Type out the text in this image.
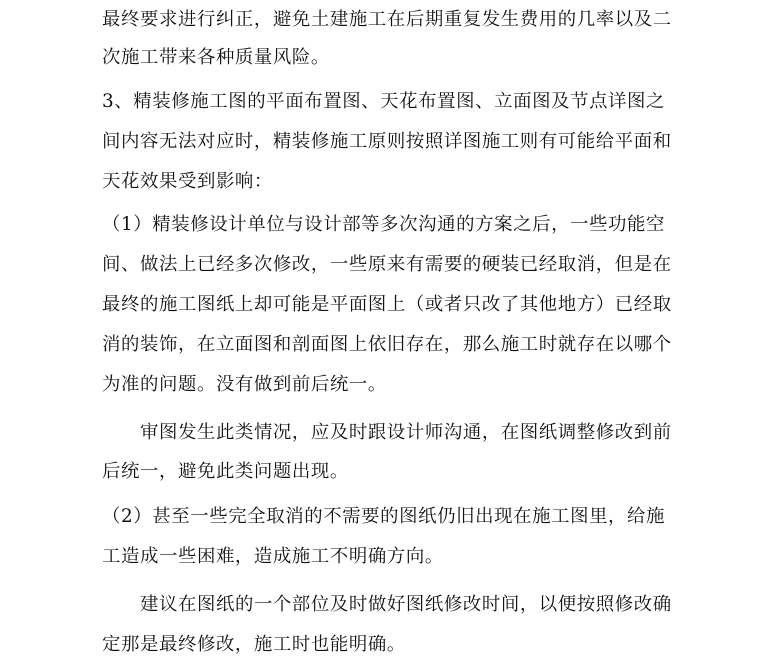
最终要求进行纠正，避免土建施工在后期重复发生费用的几率以及二
次施工带来各种质量风险。
3、精装修施工图的平面布置图、天花布置图、立面图及节点详图之
间内容无法对应时，精装修施工原则按照详图施工则有可能给平面和
天花效果受到影响：
（1）精装修设计单位与设计部等多次沟通的方案之后，一些功能空
间、做法上已经多次修改，一些原来有需要的硬装已经取消，但是在
最终的施工图纸上却可能是平面图上（或者只改了其他地方）已经取
消的装饰，在立面图和剖面图上依旧存在，那么施工时就存在以哪个
为准的问题。没有做到前后统一。
审图发生此类情况，应及时跟设计师沟通，在图纸调整修改到前
后统一，避免此类问题出现。
（2）甚至一些完全取消的不需要的图纸仍旧出现在施工图里，给施
工造成一些困难，造成施工不明确方向。
建议在图纸的一个部位及时做好图纸修改时间，以便按照修改确
定那是最终修改，施工时也能明确。
